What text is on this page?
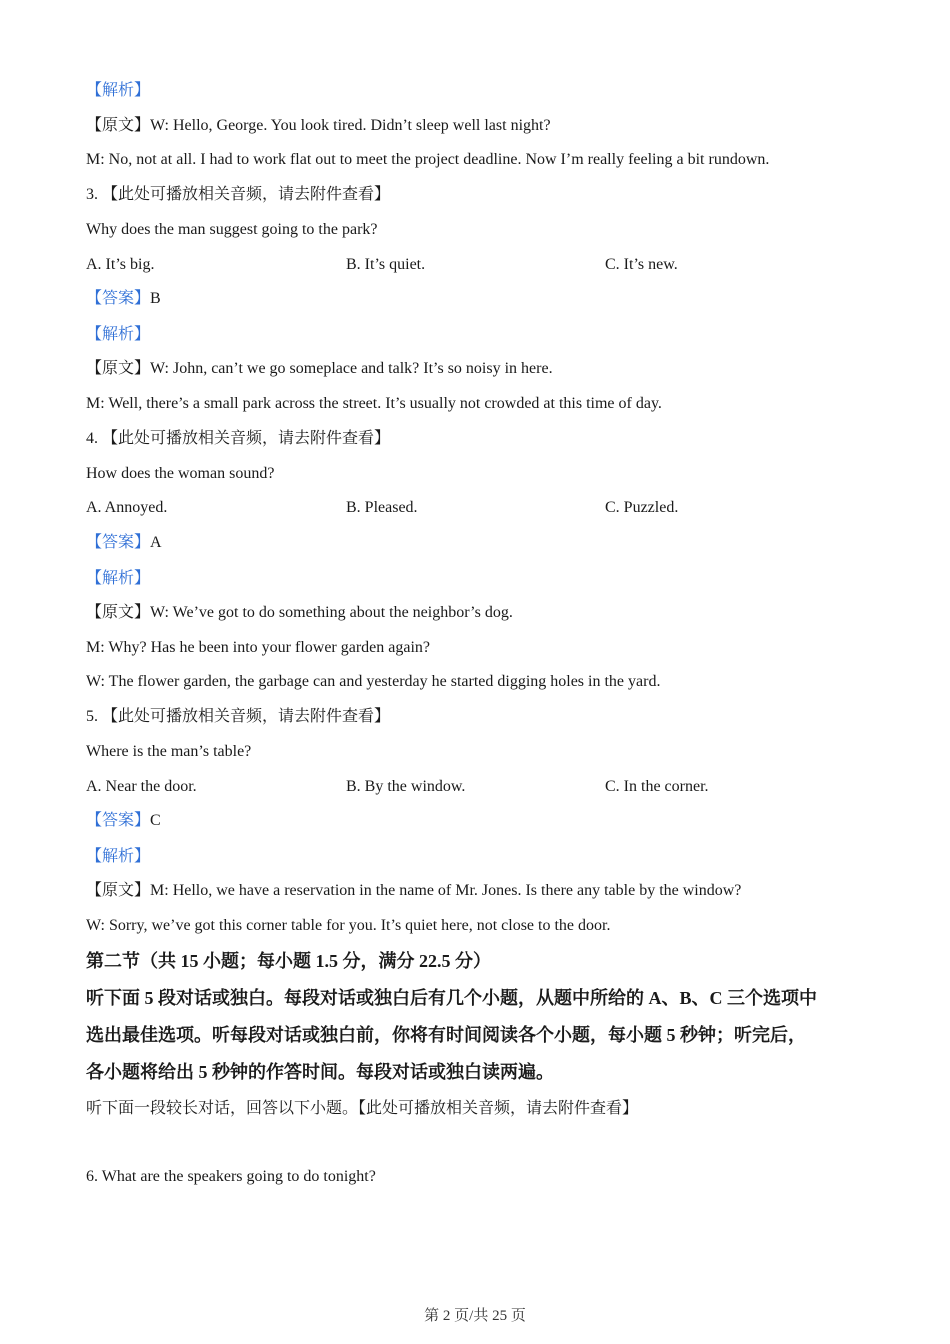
【解析】
【原文】W: Hello, George. You look tired. Didn’t sleep well last night?
M: No, not at all. I had to work flat out to meet the project deadline. Now I’m really feeling a bit rundown.
3. 【此处可播放相关音频，请去附件查看】
Why does the man suggest going to the park?
A. It’s big.	B. It’s quiet.	C. It’s new.
【答案】B
【解析】
【原文】W: John, can’t we go someplace and talk? It’s so noisy in here.
M: Well, there’s a small park across the street. It’s usually not crowded at this time of day.
4. 【此处可播放相关音频，请去附件查看】
How does the woman sound?
A. Annoyed.	B. Pleased.	C. Puzzled.
【答案】A
【解析】
【原文】W: We’ve got to do something about the neighbor’s dog.
M: Why? Has he been into your flower garden again?
W: The flower garden, the garbage can and yesterday he started digging holes in the yard.
5. 【此处可播放相关音频，请去附件查看】
Where is the man’s table?
A. Near the door.	B. By the window.	C. In the corner.
【答案】C
【解析】
【原文】M: Hello, we have a reservation in the name of Mr. Jones. Is there any table by the window?
W: Sorry, we’ve got this corner table for you. It’s quiet here, not close to the door.
第二节（共 15 小题；每小题 1.5 分，满分 22.5 分）
听下面 5 段对话或独白。每段对话或独白后有几个小题，从题中所给的 A、B、C 三个选项中
选出最佳选项。听每段对话或独白前，你将有时间阅读各个小题，每小题 5 秒钟；听完后，
各小题将给出 5 秒钟的作答时间。每段对话或独白读两遍。
听下面一段较长对话，回答以下小题。【此处可播放相关音频，请去附件查看】
6. What are the speakers going to do tonight?
第 2 页/共 25 页
